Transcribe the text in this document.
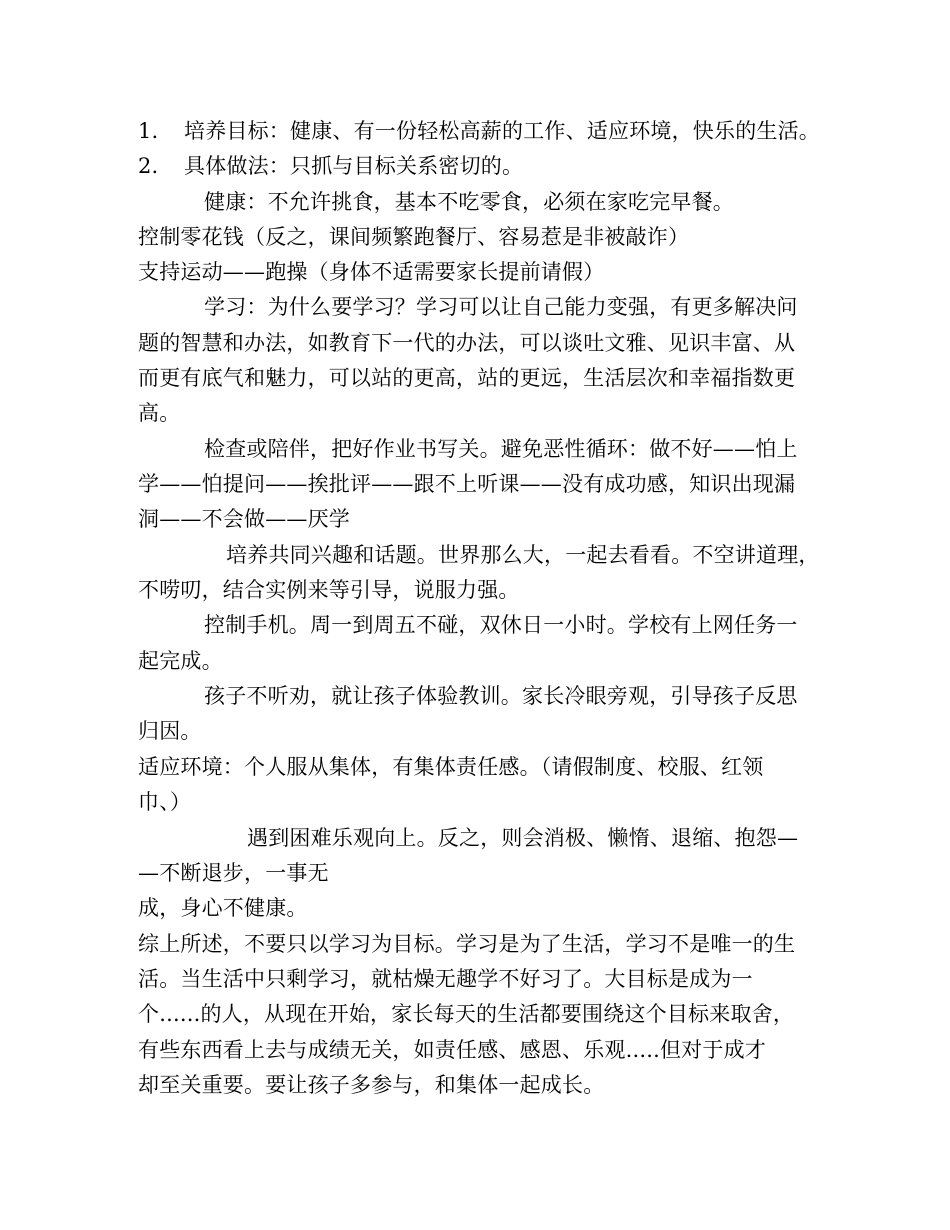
1. 培养目标：健康、有一份轻松高薪的工作、适应环境，快乐的生活。
2. 具体做法：只抓与目标关系密切的。
健康：不允许挑食，基本不吃零食，必须在家吃完早餐。
控制零花钱（反之，课间频繁跑餐厅、容易惹是非被敲诈）
支持运动——跑操（身体不适需要家长提前请假）
学习：为什么要学习？学习可以让自己能力变强，有更多解决问
题的智慧和办法，如教育下一代的办法，可以谈吐文雅、见识丰富、从
而更有底气和魅力，可以站的更高，站的更远，生活层次和幸福指数更
高。
检查或陪伴，把好作业书写关。避免恶性循环：做不好——怕上
学——怕提问——挨批评——跟不上听课——没有成功感，知识出现漏
洞——不会做——厌学
培养共同兴趣和话题。世界那么大，一起去看看。不空讲道理，
不唠叨，结合实例来等引导，说服力强。
控制手机。周一到周五不碰，双休日一小时。学校有上网任务一
起完成。
孩子不听劝，就让孩子体验教训。家长冷眼旁观，引导孩子反思
归因。
适应环境：个人服从集体，有集体责任感。（请假制度、校服、红领
巾、）
遇到困难乐观向上。反之，则会消极、懒惰、退缩、抱怨—
—不断退步，一事无
成，身心不健康。
综上所述，不要只以学习为目标。学习是为了生活，学习不是唯一的生
活。当生活中只剩学习，就枯燥无趣学不好习了。大目标是成为一
个......的人，从现在开始，家长每天的生活都要围绕这个目标来取舍，
有些东西看上去与成绩无关，如责任感、感恩、乐观.....但对于成才
却至关重要。要让孩子多参与，和集体一起成长。
